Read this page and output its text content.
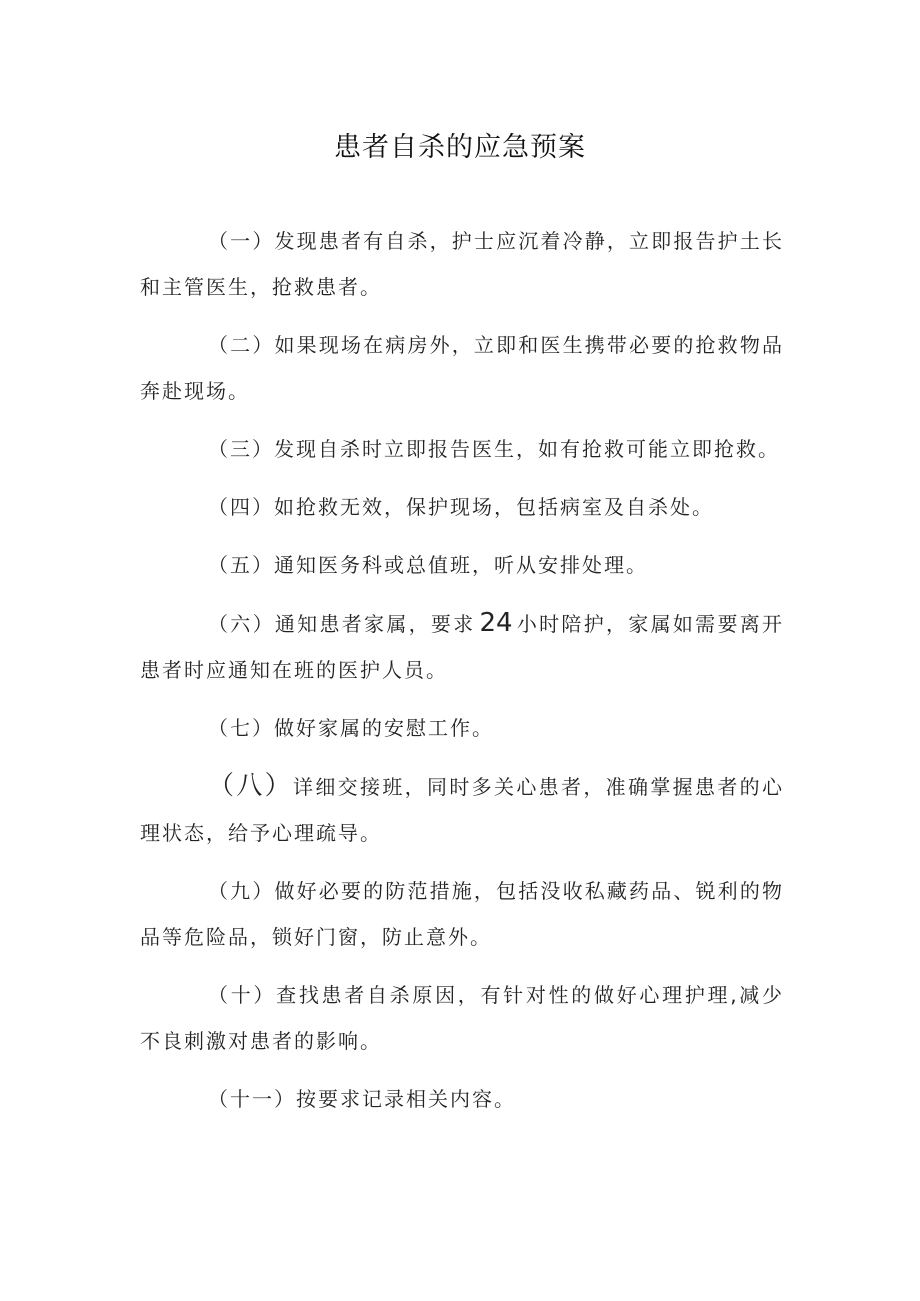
患者自杀的应急预案

（一）发现患者有自杀，护士应沉着冷静，立即报告护土长和主管医生，抢救患者。

（二）如果现场在病房外，立即和医生携带必要的抢救物品奔赴现场。

（三）发现自杀时立即报告医生，如有抢救可能立即抢救。

（四）如抢救无效，保护现场，包括病室及自杀处。

（五）通知医务科或总值班，听从安排处理。

（六）通知患者家属，要求 24 小时陪护，家属如需要离开患者时应通知在班的医护人员。

（七）做好家属的安慰工作。

（八）详细交接班，同时多关心患者，准确掌握患者的心理状态，给予心理疏导。

（九）做好必要的防范措施，包括没收私藏药品、锐利的物品等危险品，锁好门窗，防止意外。

（十）查找患者自杀原因，有针对性的做好心理护理,减少不良刺激对患者的影响。

（十一）按要求记录相关内容。
